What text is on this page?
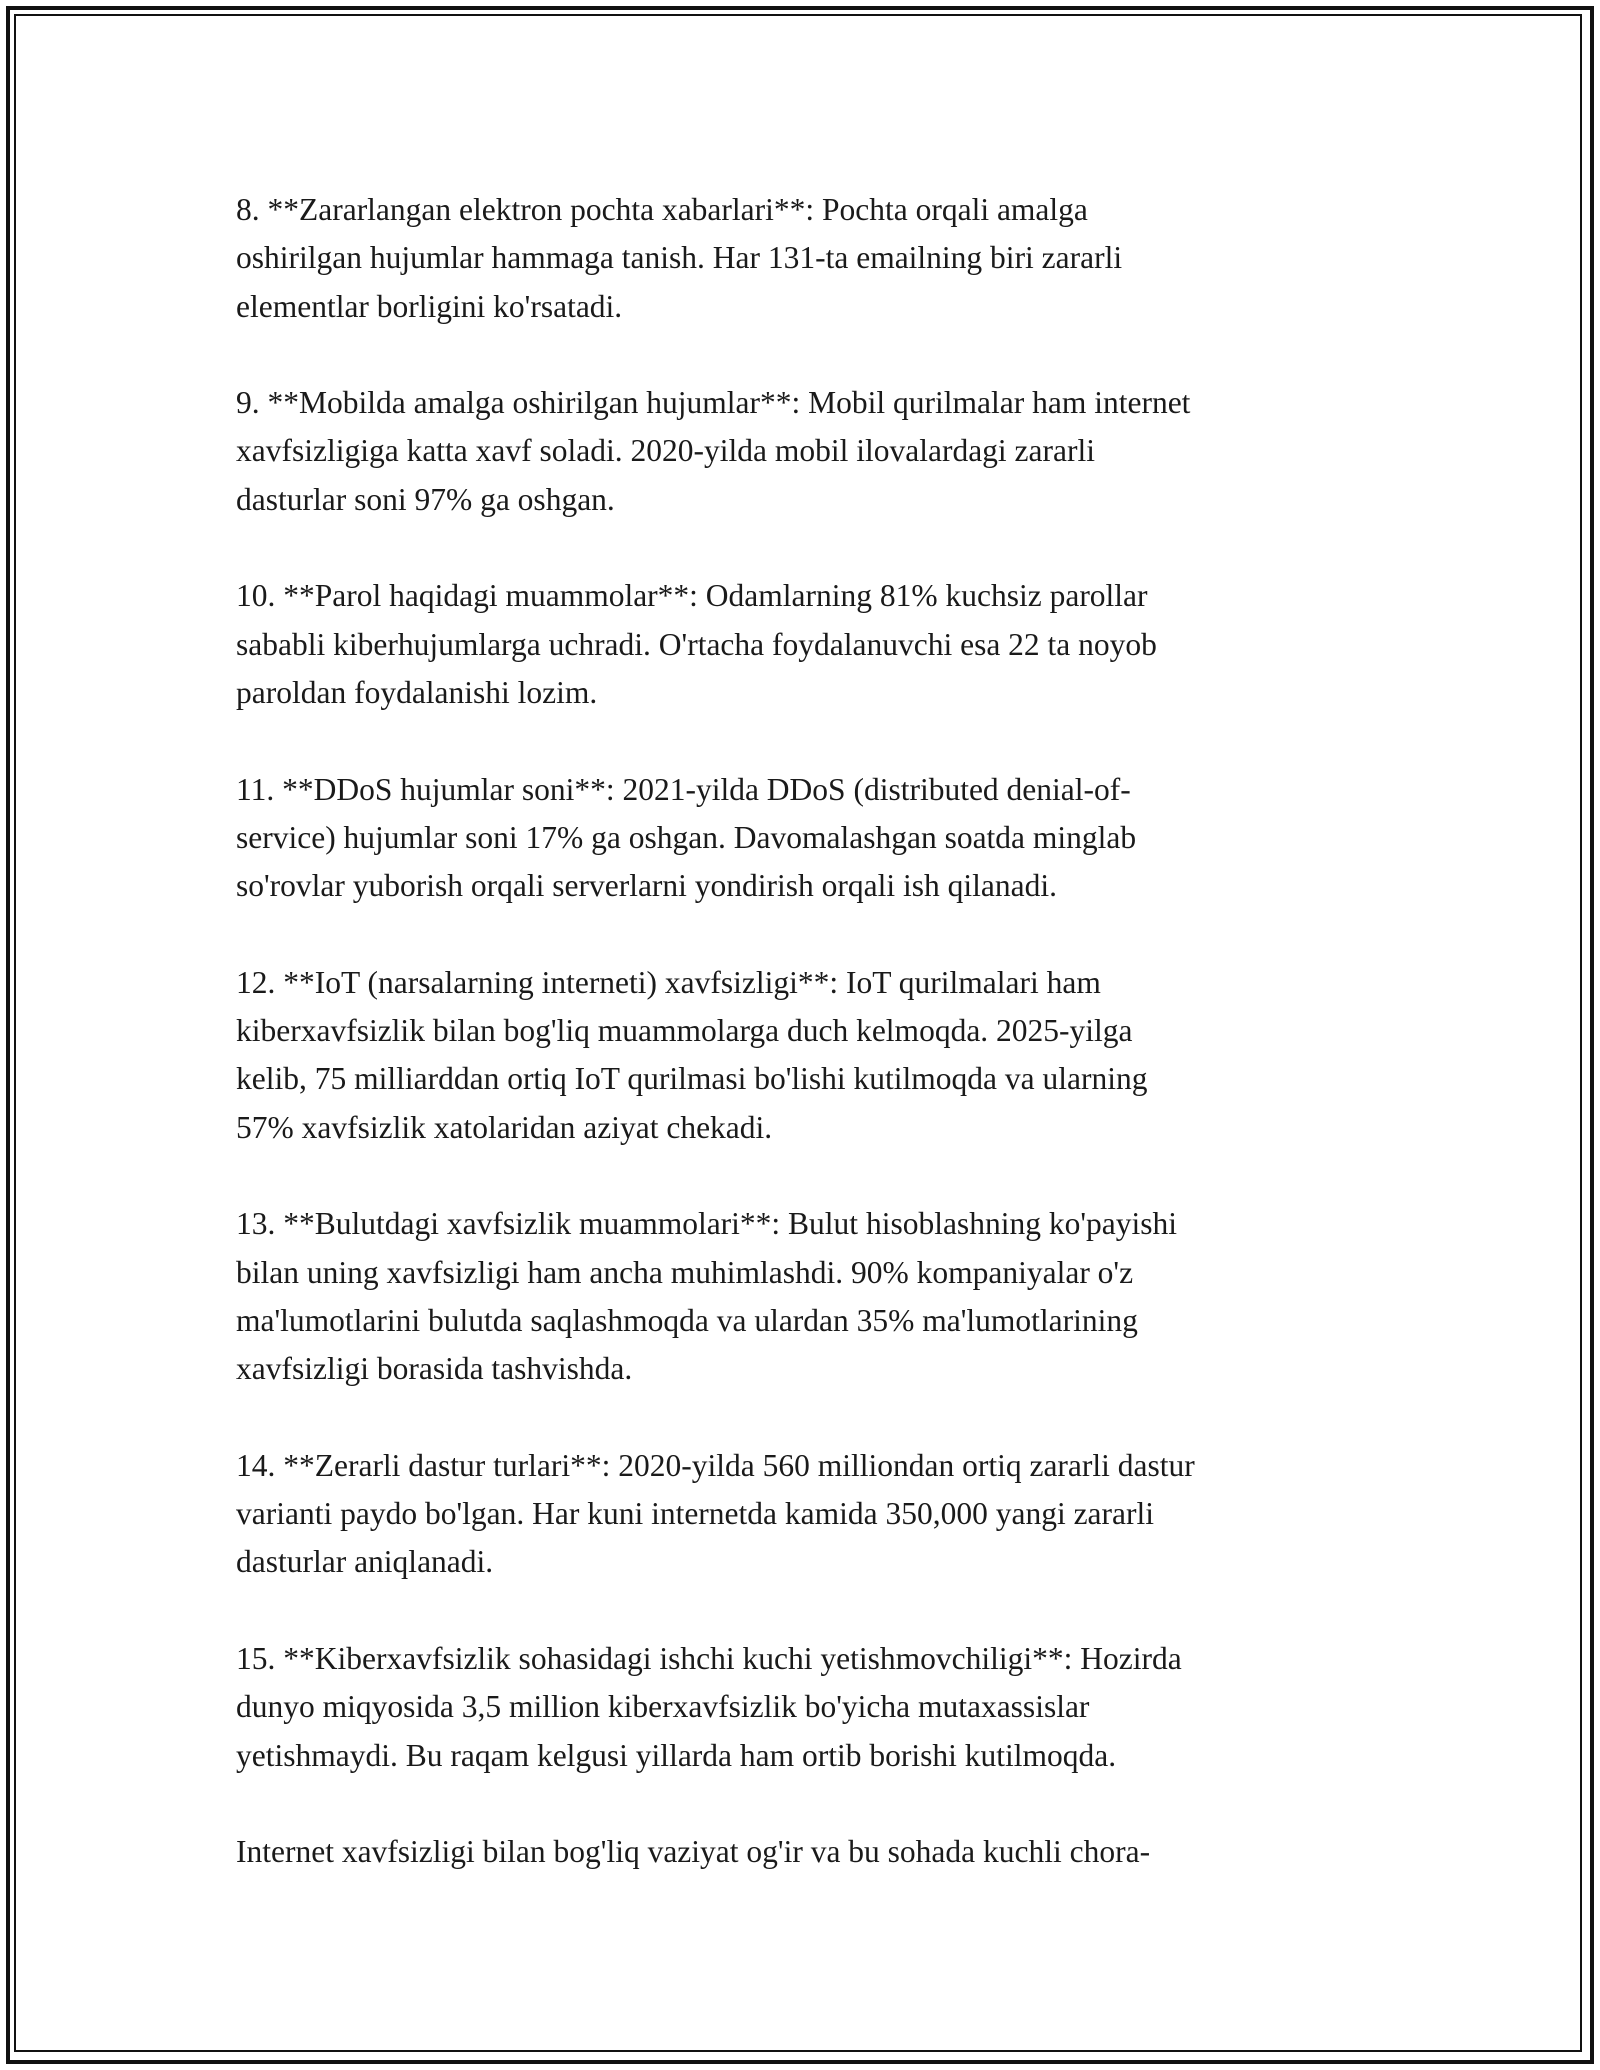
8. **Zararlangan elektron pochta xabarlari**: Pochta orqali amalga
oshirilgan hujumlar hammaga tanish. Har 131-ta emailning biri zararli
elementlar borligini ko'rsatadi.

9. **Mobilda amalga oshirilgan hujumlar**: Mobil qurilmalar ham internet
xavfsizligiga katta xavf soladi. 2020-yilda mobil ilovalardagi zararli
dasturlar soni 97% ga oshgan.

10. **Parol haqidagi muammolar**: Odamlarning 81% kuchsiz parollar
sababli kiberhujumlarga uchradi. O'rtacha foydalanuvchi esa 22 ta noyob
paroldan foydalanishi lozim.

11. **DDoS hujumlar soni**: 2021-yilda DDoS (distributed denial-of-
service) hujumlar soni 17% ga oshgan. Davomalashgan soatda minglab
so'rovlar yuborish orqali serverlarni yondirish orqali ish qilanadi.

12. **IoT (narsalarning interneti) xavfsizligi**: IoT qurilmalari ham
kiberxavfsizlik bilan bog'liq muammolarga duch kelmoqda. 2025-yilga
kelib, 75 milliarddan ortiq IoT qurilmasi bo'lishi kutilmoqda va ularning
57% xavfsizlik xatolaridan aziyat chekadi.

13. **Bulutdagi xavfsizlik muammolari**: Bulut hisoblashning ko'payishi
bilan uning xavfsizligi ham ancha muhimlashdi. 90% kompaniyalar o'z
ma'lumotlarini bulutda saqlashmoqda va ulardan 35% ma'lumotlarining
xavfsizligi borasida tashvishda.

14. **Zerarli dastur turlari**: 2020-yilda 560 milliondan ortiq zararli dastur
varianti paydo bo'lgan. Har kuni internetda kamida 350,000 yangi zararli
dasturlar aniqlanadi.

15. **Kiberxavfsizlik sohasidagi ishchi kuchi yetishmovchiligi**: Hozirda
dunyo miqyosida 3,5 million kiberxavfsizlik bo'yicha mutaxassislar
yetishmaydi. Bu raqam kelgusi yillarda ham ortib borishi kutilmoqda.

Internet xavfsizligi bilan bog'liq vaziyat og'ir va bu sohada kuchli chora-
